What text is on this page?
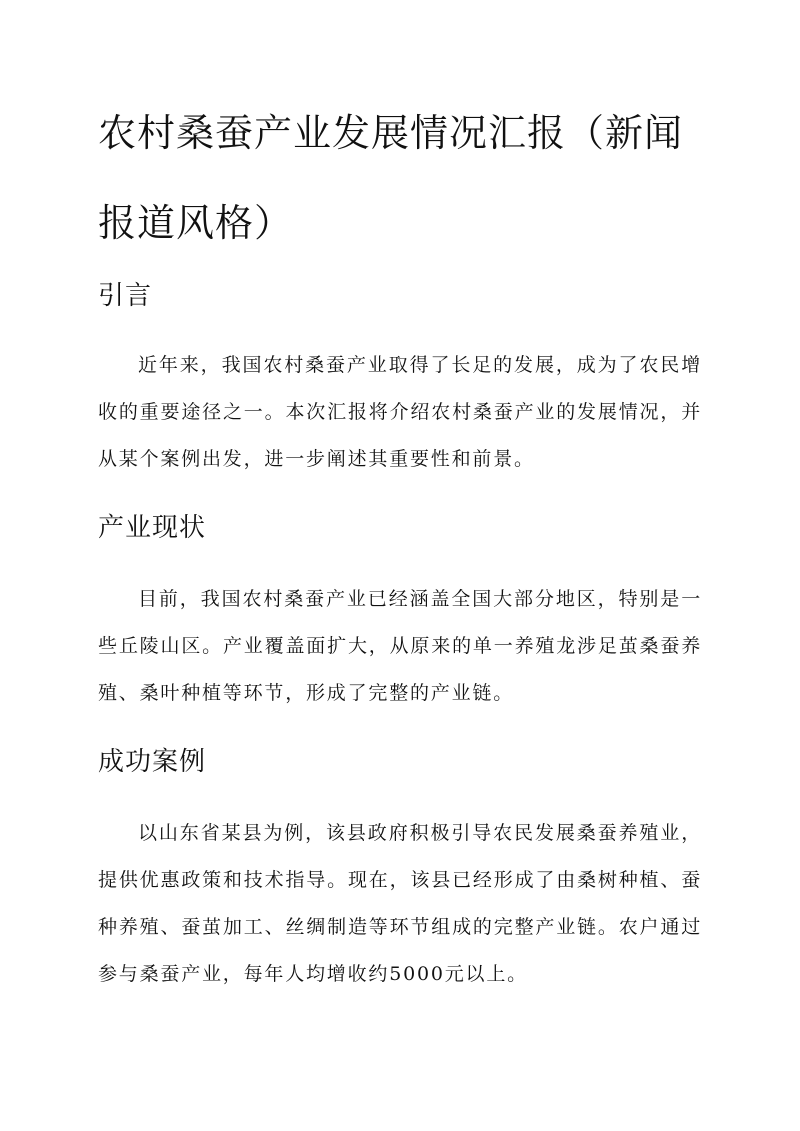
农村桑蚕产业发展情况汇报（新闻报道风格）
引言

近年来，我国农村桑蚕产业取得了长足的发展，成为了农民增收的重要途径之一。本次汇报将介绍农村桑蚕产业的发展情况，并从某个案例出发，进一步阐述其重要性和前景。

产业现状

目前，我国农村桑蚕产业已经涵盖全国大部分地区，特别是一些丘陵山区。产业覆盖面扩大，从原来的单一养殖龙涉足茧桑蚕养殖、桑叶种植等环节，形成了完整的产业链。

成功案例

以山东省某县为例，该县政府积极引导农民发展桑蚕养殖业，提供优惠政策和技术指导。现在，该县已经形成了由桑树种植、蚕种养殖、蚕茧加工、丝绸制造等环节组成的完整产业链。农户通过参与桑蚕产业，每年人均增收约5000元以上。
